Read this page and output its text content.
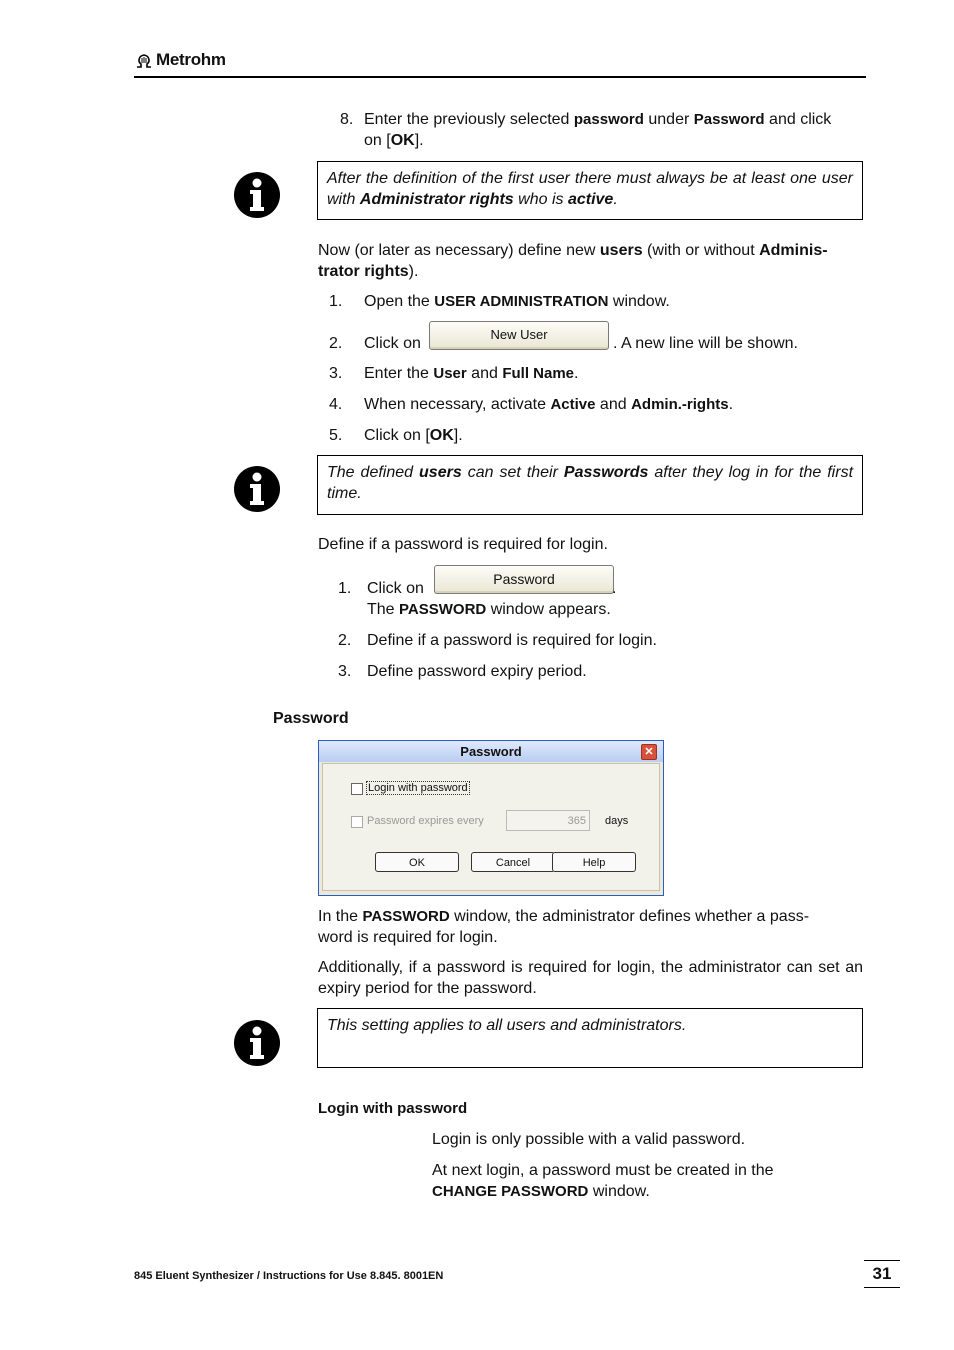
Metrohm
8. Enter the previously selected password under Password and click
on [OK].
After the definition of the first user there must always be at least one user with Administrator rights who is active.
Now (or later as necessary) define new users (with or without Adminis-
trator rights).
1. Open the USER ADMINISTRATION window.
2. Click on
New User
. A new line will be shown.
3. Enter the User and Full Name.
4. When necessary, activate Active and Admin.-rights.
5. Click on [OK].
The defined users can set their Passwords after they log in for the first time.
Define if a password is required for login.
1. Click on
Password
.
The PASSWORD window appears.
2. Define if a password is required for login.
3. Define password expiry period.
Password
Password	✕
Login with password
Password expires every	365	days
OK	Cancel	Help
In the PASSWORD window, the administrator defines whether a pass-
word is required for login.
Additionally, if a password is required for login, the administrator can set an expiry period for the password.
This setting applies to all users and administrators.
Login with password
Login is only possible with a valid password.
At next login, a password must be created in the
CHANGE PASSWORD window.
845 Eluent Synthesizer / Instructions for Use 8.845. 8001EN	31
